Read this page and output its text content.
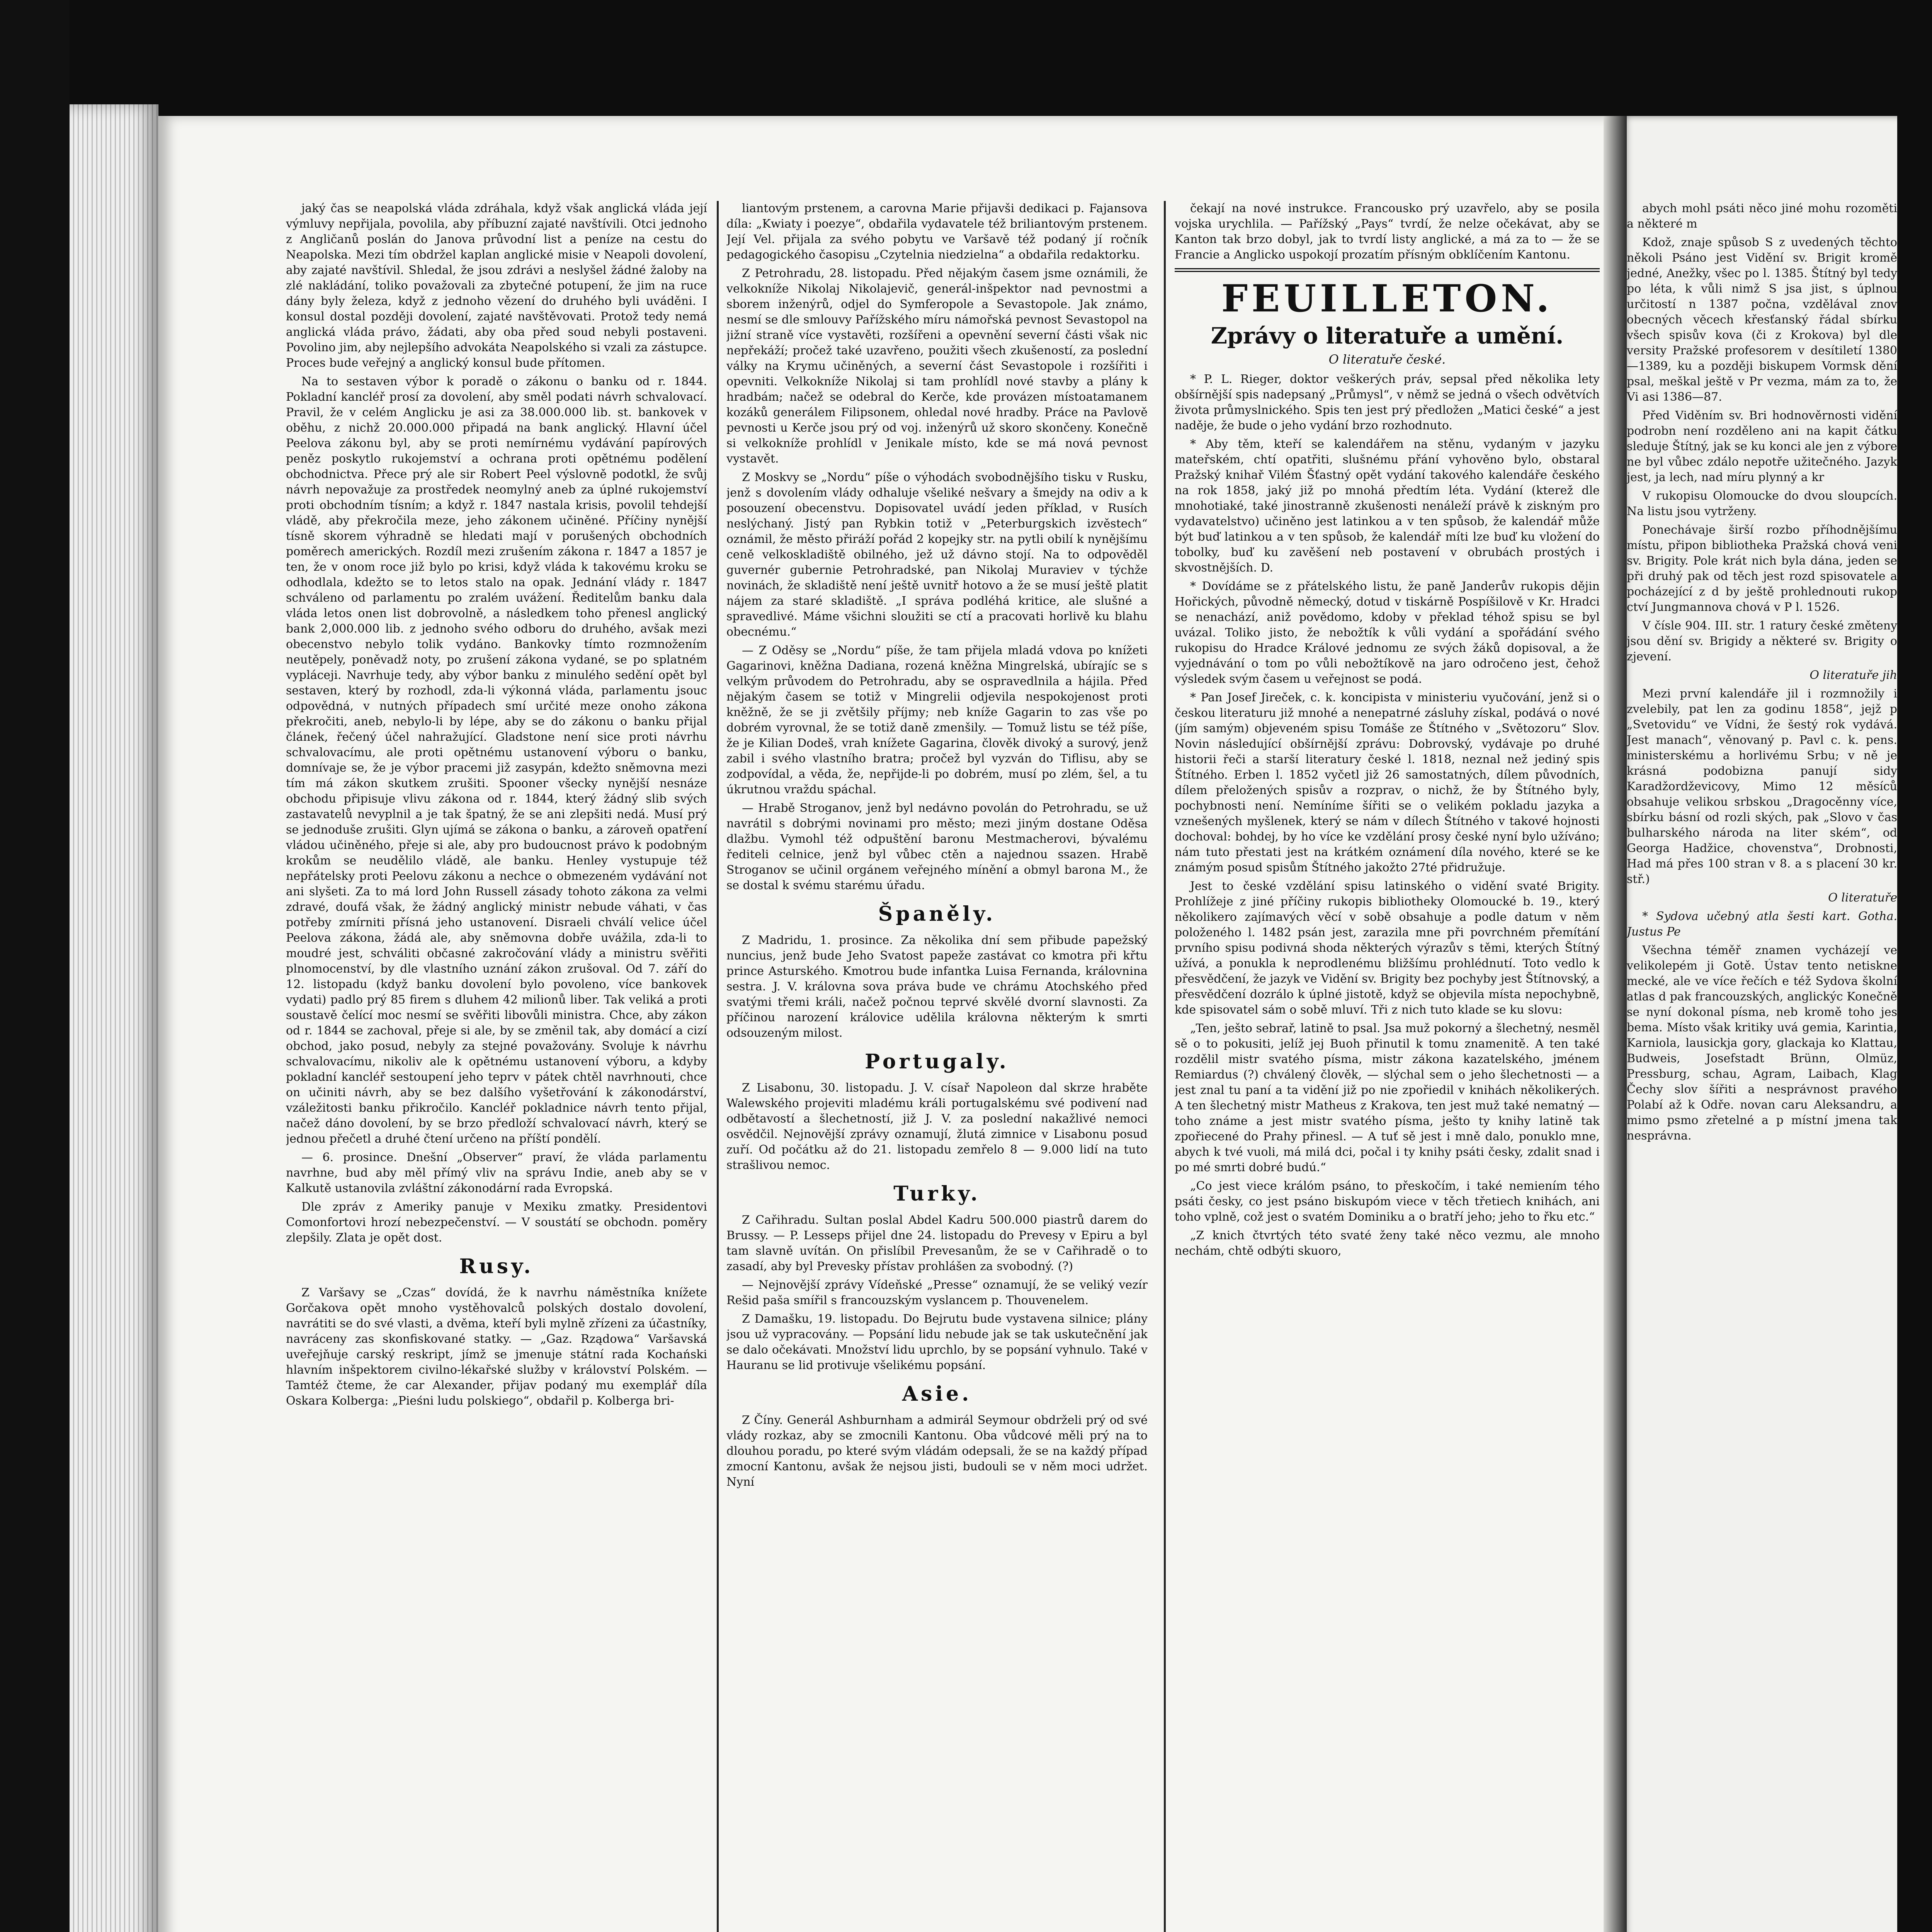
jaký čas se neapolská vláda zdráhala, když však anglická vláda její výmluvy nepřijala, povolila, aby příbuzní zajaté navštívili. Otci jednoho z Angličanů poslán do Janova průvodní list a peníze na cestu do Neapolska. Mezi tím obdržel kaplan anglické misie v Neapoli dovolení, aby zajaté navštívil. Shledal, že jsou zdrávi a neslyšel žádné žaloby na zlé nakládání, toliko považovali za zbytečné potupení, že jim na ruce dány byly železa, když z jednoho vězení do druhého byli uváděni. I konsul dostal později dovolení, zajaté navštěvovati. Protož tedy nemá anglická vláda právo, žádati, aby oba před soud nebyli postaveni. Povolino jim, aby nejlepšího advokáta Neapolského si vzali za zástupce. Proces bude veřejný a anglický konsul bude přítomen.

Na to sestaven výbor k poradě o zákonu o banku od r. 1844. Pokladní kancléř prosí za dovolení, aby směl podati návrh schvalovací. Pravil, že v celém Anglicku je asi za 38.000.000 lib. st. bankovek v oběhu, z nichž 20.000.000 připadá na bank anglický. Hlavní účel Peelova zákonu byl, aby se proti nemírnému vydávání papírových peněz poskytlo rukojemství a ochrana proti opětnému podělení obchodnictva. Přece prý ale sir Robert Peel výslovně podotkl, že svůj návrh nepovažuje za prostředek neomylný aneb za úplné rukojemství proti obchodním tísním; a když r. 1847 nastala krisis, povolil tehdejší vládě, aby překročila meze, jeho zákonem učiněné. Příčiny nynější tísně skorem výhradně se hledati mají v porušených obchodních poměrech amerických. Rozdíl mezi zrušením zákona r. 1847 a 1857 je ten, že v onom roce již bylo po krisi, když vláda k takovému kroku se odhodlala, kdežto se to letos stalo na opak. Jednání vlády r. 1847 schváleno od parlamentu po zralém uvážení. Ředitelům banku dala vláda letos onen list dobrovolně, a následkem toho přenesl anglický bank 2,000.000 lib. z jednoho svého odboru do druhého, avšak mezi obecenstvo nebylo tolik vydáno. Bankovky tímto rozmnožením neutěpely, poněvadž noty, po zrušení zákona vydané, se po splatném vypláceji. Navrhuje tedy, aby výbor banku z minulého sedění opět byl sestaven, který by rozhodl, zda-li výkonná vláda, parlamentu jsouc odpovědná, v nutných případech smí určité meze onoho zákona překročiti, aneb, nebylo-li by lépe, aby se do zákonu o banku přijal článek, řečený účel nahražující. Gladstone není sice proti návrhu schvalovacímu, ale proti opětnému ustanovení výboru o banku, domnívaje se, že je výbor pracemi již zasypán, kdežto sněmovna mezi tím má zákon skutkem zrušiti. Spooner všecky nynější nesnáze obchodu připisuje vlivu zákona od r. 1844, který žádný slib svých zastavatelů nevyplnil a je tak špatný, že se ani zlepšiti nedá. Musí prý se jednoduše zrušiti. Glyn ujímá se zákona o banku, a zároveň opatření vládou učiněného, přeje si ale, aby pro budoucnost právo k podobným krokům se neudělilo vládě, ale banku. Henley vystupuje též nepřátelsky proti Peelovu zákonu a nechce o obmezeném vydávání not ani slyšeti. Za to má lord John Russell zásady tohoto zákona za velmi zdravé, doufá však, že žádný anglický ministr nebude váhati, v čas potřeby zmírniti přísná jeho ustanovení. Disraeli chválí velice účel Peelova zákona, žádá ale, aby sněmovna dobře uvážila, zda-li to moudré jest, schváliti občasné zakročování vlády a ministru svěřiti plnomocenství, by dle vlastního uznání zákon zrušoval. Od 7. září do 12. listopadu (když banku dovolení bylo povoleno, více bankovek vydati) padlo prý 85 firem s dluhem 42 milionů liber. Tak veliká a proti soustavě čelící moc nesmí se svěřiti libovůli ministra. Chce, aby zákon od r. 1844 se zachoval, přeje si ale, by se změnil tak, aby domácí a cizí obchod, jako posud, nebyly za stejné považovány. Svoluje k návrhu schvalovacímu, nikoliv ale k opětnému ustanovení výboru, a kdyby pokladní kancléř sestoupení jeho teprv v pátek chtěl navrhnouti, chce on učiniti návrh, aby se bez dalšího vyšetřování k zákonodárství, vzáležitosti banku přikročilo. Kancléř pokladnice návrh tento přijal, načež dáno dovolení, by se brzo předloží schvalovací návrh, který se jednou přečetl a druhé čtení určeno na příští pondělí.

— 6. prosince. Dnešní „Observer“ praví, že vláda parlamentu navrhne, bud aby měl přímý vliv na správu Indie, aneb aby se v Kalkutě ustanovila zvláštní zákonodární rada Evropská.

Dle zpráv z Ameriky panuje v Mexiku zmatky. Presidentovi Comonfortovi hrozí nebezpečenství. — V soustátí se obchodn. poměry zlepšily. Zlata je opět dost.

Rusy.

Z Varšavy se „Czas“ dovídá, že k navrhu náměstníka knížete Gorčakova opět mnoho vystěhovalců polských dostalo dovolení, navrátiti se do své vlasti, a dvěma, kteří byli mylně zřízeni za účastníky, navráceny zas skonfiskované statky. — „Gaz. Rządowa“ Varšavská uveřejňuje carský reskript, jímž se jmenuje státní rada Kochański hlavním inšpektorem civilno-lékařské služby v království Polském. — Tamtéž čteme, že car Alexander, přijav podaný mu exemplář díla Oskara Kolberga: „Pieśni ludu polskiego“, obdařil p. Kolberga bri-

liantovým prstenem, a carovna Marie přijavši dedikaci p. Fajansova díla: „Kwiaty i poezye“, obdařila vydavatele též briliantovým prstenem. Její Vel. přijala za svého pobytu ve Varšavě též podaný jí ročník pedagogického časopisu „Czytelnia niedzielna“ a obdařila redaktorku.

Z Petrohradu, 28. listopadu. Před nějakým časem jsme oznámili, že velkokníže Nikolaj Nikolajevič, generál-inšpektor nad pevnostmi a sborem inženýrů, odjel do Symferopole a Sevastopole. Jak známo, nesmí se dle smlouvy Pařížského míru námořská pevnost Sevastopol na jižní straně více vystavěti, rozšířeni a opevnění severní části však nic nepřekáží; pročež také uzavřeno, použiti všech zkušeností, za poslední války na Krymu učiněných, a severní část Sevastopole i rozšířiti i opevniti. Velkokníže Nikolaj si tam prohlídl nové stavby a plány k hradbám; načež se odebral do Kerče, kde provázen místoatamanem kozáků generálem Filipsonem, ohledal nové hradby. Práce na Pavlově pevnosti u Kerče jsou prý od voj. inženýrů už skoro skončeny. Konečně si velkokníže prohlídl v Jenikale místo, kde se má nová pevnost vystavět.

Z Moskvy se „Nordu“ píše o výhodách svobodnějšího tisku v Rusku, jenž s dovolením vlády odhaluje všeliké nešvary a šmejdy na odiv a k posouzení obecenstvu. Dopisovatel uvádí jeden příklad, v Rusích neslýchaný. Jistý pan Rybkin totiž v „Peterburgskich izvěstech“ oznámil, že město přiráží pořád 2 kopejky str. na pytli obilí k nynějšímu ceně velkoskladiště obilného, jež už dávno stojí. Na to odpověděl guvernér gubernie Petrohradské, pan Nikolaj Muraviev v týchže novinách, že skladiště není ještě uvnitř hotovo a že se musí ještě platit nájem za staré skladiště. „I správa podléhá kritice, ale slušné a spravedlivé. Máme všichni sloužiti se ctí a pracovati horlivě ku blahu obecnému.“

— Z Oděsy se „Nordu“ píše, že tam přijela mladá vdova po knížeti Gagarinovi, kněžna Dadiana, rozená kněžna Mingrelská, ubírajíc se s velkým průvodem do Petrohradu, aby se ospravedlnila a hájila. Před nějakým časem se totiž v Mingrelii odjevila nespokojenost proti kněžně, že se ji zvětšily příjmy; neb kníže Gagarin to zas vše po dobrém vyrovnal, že se totiž daně zmenšily. — Tomuž listu se též píše, že je Kilian Dodeš, vrah knížete Gagarina, člověk divoký a surový, jenž zabil i svého vlastního bratra; pročež byl vyzván do Tiflisu, aby se zodpovídal, a věda, že, nepřijde-li po dobrém, musí po zlém, šel, a tu úkrutnou vraždu spáchal.

— Hrabě Stroganov, jenž byl nedávno povolán do Petrohradu, se už navrátil s dobrými novinami pro město; mezi jiným dostane Oděsa dlažbu. Vymohl též odpuštění baronu Mestmacherovi, bývalému řediteli celnice, jenž byl vůbec ctěn a najednou ssazen. Hrabě Stroganov se učinil orgánem veřejného mínění a obmyl barona M., že se dostal k svému starému úřadu.

Španěly.

Z Madridu, 1. prosince. Za několika dní sem přibude papežský nuncius, jenž bude Jeho Svatost papeže zastávat co kmotra při křtu prince Asturského. Kmotrou bude infantka Luisa Fernanda, královnina sestra. J. V. královna sova práva bude ve chrámu Atochského před svatými třemi králi, načež počnou teprvé skvělé dvorní slavnosti. Za příčinou narození královice udělila královna některým k smrti odsouzeným milost.

Portugaly.

Z Lisabonu, 30. listopadu. J. V. císař Napoleon dal skrze hraběte Walewského projeviti mladému králi portugalskému své podivení nad odbětavostí a šlechetností, již J. V. za poslední nakažlivé nemoci osvědčil. Nejnovější zprávy oznamují, žlutá zimnice v Lisabonu posud zuří. Od počátku až do 21. listopadu zemřelo 8 — 9.000 lidí na tuto strašlivou nemoc.

Turky.

Z Cařihradu. Sultan poslal Abdel Kadru 500.000 piastrů darem do Brussy. — P. Lesseps přijel dne 24. listopadu do Prevesy v Epiru a byl tam slavně uvítán. On přislíbil Prevesanům, že se v Cařihradě o to zasadí, aby byl Prevesky přístav prohlášen za svobodný. (?)

— Nejnovější zprávy Vídeňské „Presse“ oznamují, že se veliký vezír Rešid paša smířil s francouzským vyslancem p. Thouvenelem.

Z Damašku, 19. listopadu. Do Bejrutu bude vystavena silnice; plány jsou už vypracovány. — Popsání lidu nebude jak se tak uskutečnění jak se dalo očekávati. Množství lidu uprchlo, by se popsání vyhnulo. Také v Hauranu se lid protivuje všelikému popsání.

Asie.

Z Číny. Generál Ashburnham a admirál Seymour obdrželi prý od své vlády rozkaz, aby se zmocnili Kantonu. Oba vůdcové měli prý na to dlouhou poradu, po které svým vládám odepsali, že se na každý případ zmocní Kantonu, avšak že nejsou jisti, budouli se v něm moci udržet. Nyní

čekají na nové instrukce. Francousko prý uzavřelo, aby se posila vojska urychlila. — Pařížský „Pays“ tvrdí, že nelze očekávat, aby se Kanton tak brzo dobyl, jak to tvrdí listy anglické, a má za to — že se Francie a Anglicko uspokojí prozatím přísným obklíčením Kantonu.

FEUILLETON.
Zprávy o literatuře a umění.
O literatuře české.

* P. L. Rieger, doktor veškerých práv, sepsal před několika lety obšírnější spis nadepsaný „Průmysl“, v němž se jedná o všech odvětvích života průmyslnického. Spis ten jest prý předložen „Matici české“ a jest naděje, že bude o jeho vydání brzo rozhodnuto.

* Aby těm, kteří se kalendářem na stěnu, vydaným v jazyku mateřském, chtí opatřiti, slušnému přání vyhověno bylo, obstaral Pražský knihař Vilém Šťastný opět vydání takového kalendáře českého na rok 1858, jaký již po mnohá předtím léta. Vydání (kterež dle mnohotiaké, také jinostranně zkušenosti nenáleží právě k ziskným pro vydavatelstvo) učiněno jest latinkou a v ten spůsob, že kalendář může být buď latinkou a v ten spůsob, že kalendář míti lze buď ku vložení do tobolky, buď ku zavěšení neb postavení v obrubách prostých i skvostnějších. D.

* Dovídáme se z přátelského listu, že paně Janderův rukopis dějin Hořických, původně německý, dotud v tiskárně Pospíšilově v Kr. Hradci se nenachází, aniž povědomo, kdoby v překlad téhož spisu se byl uvázal. Toliko jisto, že nebožtík k vůli vydání a spořádání svého rukopisu do Hradce Králové jednomu ze svých žáků dopisoval, a že vyjednávání o tom po vůli nebožtíkově na jaro odročeno jest, čehož výsledek svým časem u veřejnost se podá.

* Pan Josef Jireček, c. k. koncipista v ministeriu vyučování, jenž si o českou literaturu již mnohé a nenepatrné zásluhy získal, podává o nové (jím samým) objeveném spisu Tomáše ze Štítného v „Světozoru“ Slov. Novin následující obšírnější zprávu: Dobrovský, vydávaje po druhé historii řeči a starší literatury české l. 1818, neznal než jediný spis Štítného. Erben l. 1852 vyčetl již 26 samostatných, dílem původních, dílem přeložených spisův a rozprav, o nichž, že by Štítného byly, pochybnosti není. Nemíníme šířiti se o velikém pokladu jazyka a vznešených myšlenek, který se nám v dílech Štítného v takové hojnosti dochoval: bohdej, by ho více ke vzdělání prosy české nyní bylo užíváno; nám tuto přestati jest na krátkém oznámení díla nového, které se ke známým posud spisům Štítného jakožto 27té přidružuje.

Jest to české vzdělání spisu latinského o vidění svaté Brigity. Prohlížeje z jiné příčiny rukopis bibliotheky Olomoucké b. 19., který několikero zajímavých věcí v sobě obsahuje a podle datum v něm položeného l. 1482 psán jest, zarazila mne při povrchném přemítání prvního spisu podivná shoda některých výrazův s těmi, kterých Štítný užívá, a ponukla k neprodlenému bližšímu prohlédnutí. Toto vedlo k přesvědčení, že jazyk ve Vidění sv. Brigity bez pochyby jest Štítnovský, a přesvědčení dozrálo k úplné jistotě, když se objevila místa nepochybně, kde spisovatel sám o sobě mluví. Tři z nich tuto klade se ku slovu:

„Ten, ješto sebrař, latině to psal. Jsa muž pokorný a šlechetný, nesměl sě o to pokusiti, jelíž jej Buoh přinutil k tomu znamenitě. A ten také rozdělil mistr svatého písma, mistr zákona kazatelského, jménem Remiardus (?) chválený člověk, — slýchal sem o jeho šlechetnosti — a jest znal tu paní a ta vidění již po nie zpořiedil v knihách několikerých. A ten šlechetný mistr Matheus z Krakova, ten jest muž také nematný — toho známe a jest mistr svatého písma, ješto ty knihy latině tak zpořiecené do Prahy přinesl. — A tuť sě jest i mně dalo, ponuklo mne, abych k tvé vuoli, má milá dci, počal i ty knihy psáti česky, zdalit snad i po mé smrti dobré budú.“

„Co jest viece králóm psáno, to přeskočím, i také nemiením tého psáti česky, co jest psáno biskupóm viece v těch třetiech knihách, ani toho vplně, což jest o svatém Dominiku a o bratří jeho; jeho to řku etc.“

„Z knich čtvrtých této svaté ženy také něco vezmu, ale mnoho nechám, chtě odbýti skuoro,

abych mohl psáti něco jiné mohu rozoměti a některé m

Kdož, znaje spůsob S z uvedených těchto několi Psáno jest Vidění sv. Brigit kromě jedné, Anežky, všec po l. 1385. Štítný byl tedy po léta, k vůli nimž S jsa jist, s úplnou určitostí n 1387 počna, vzdělával znov obecných věcech křesťanský řádal sbírku všech spisův kova (či z Krokova) byl dle versity Pražské profesorem v desítiletí 1380—1389, ku a později biskupem Vormsk dění psal, meškal ještě v Pr vezma, mám za to, že Vi asi 1386—87.

Před Viděním sv. Bri hodnověrnosti vidění podrobn není rozděleno ani na kapit čátku sleduje Štítný, jak se ku konci ale jen z výbore ne byl vůbec zdálo nepotře užitečného. Jazyk jest, ja lech, nad míru plynný a kr

V rukopisu Olomoucke do dvou sloupcích. Na listu jsou vytrženy.

Ponechávaje širší rozbo příhodnějšímu místu, připon bibliotheka Pražská chová veni sv. Brigity. Pole krát nich byla dána, jeden se při druhý pak od těch jest rozd spisovatele a pocházející z d by ještě prohlednouti rukop ctví Jungmannova chová v P l. 1526.

V čísle 904. III. str. 1 ratury české změteny jsou dění sv. Brigidy a některé sv. Brigity o zjevení.

O literatuře jih

Mezi první kalendáře jil i rozmnožily i zvelebily, pat len za godinu 1858“, jejž p „Svetovidu“ ve Vídni, že šestý rok vydává. Jest manach“, věnovaný p. Pavl c. k. pens. ministerskému a horlivému Srbu; v ně je krásná podobizna panují sidy Karadžordževicovy, Mimo 12 měsíců obsahuje velikou srbskou „Dragocěnny více, sbírku básní od rozli ských, pak „Slovo v čas bulharského národa na liter ském“, od Georga Hadžice, chovenstva“, Drobnosti, Had má přes 100 stran v 8. a s placení 30 kr. stř.)

O literatuře

* Sydova učebný atla šesti kart. Gotha. Justus Pe

Všechna téměř znamen vycházejí ve velikolepém ji Gotě. Ústav tento netiskne mecké, ale ve více řečích e též Sydova školní atlas d pak francouzských, anglickýc Konečně se nyní dokonal písma, neb kromě toho jes bema. Místo však kritiky uvá gemia, Karintia, Karniola, lausickja gory, glackaja ko Klattau, Budweis, Josefstadt Brünn, Olmüz, Pressburg, schau, Agram, Laibach, Klag Čechy slov šířiti a nesprávnost pravého Polabí až k Odře. novan caru Aleksandru, a mimo psmo zřetelné a p místní jmena tak nesprávna.
